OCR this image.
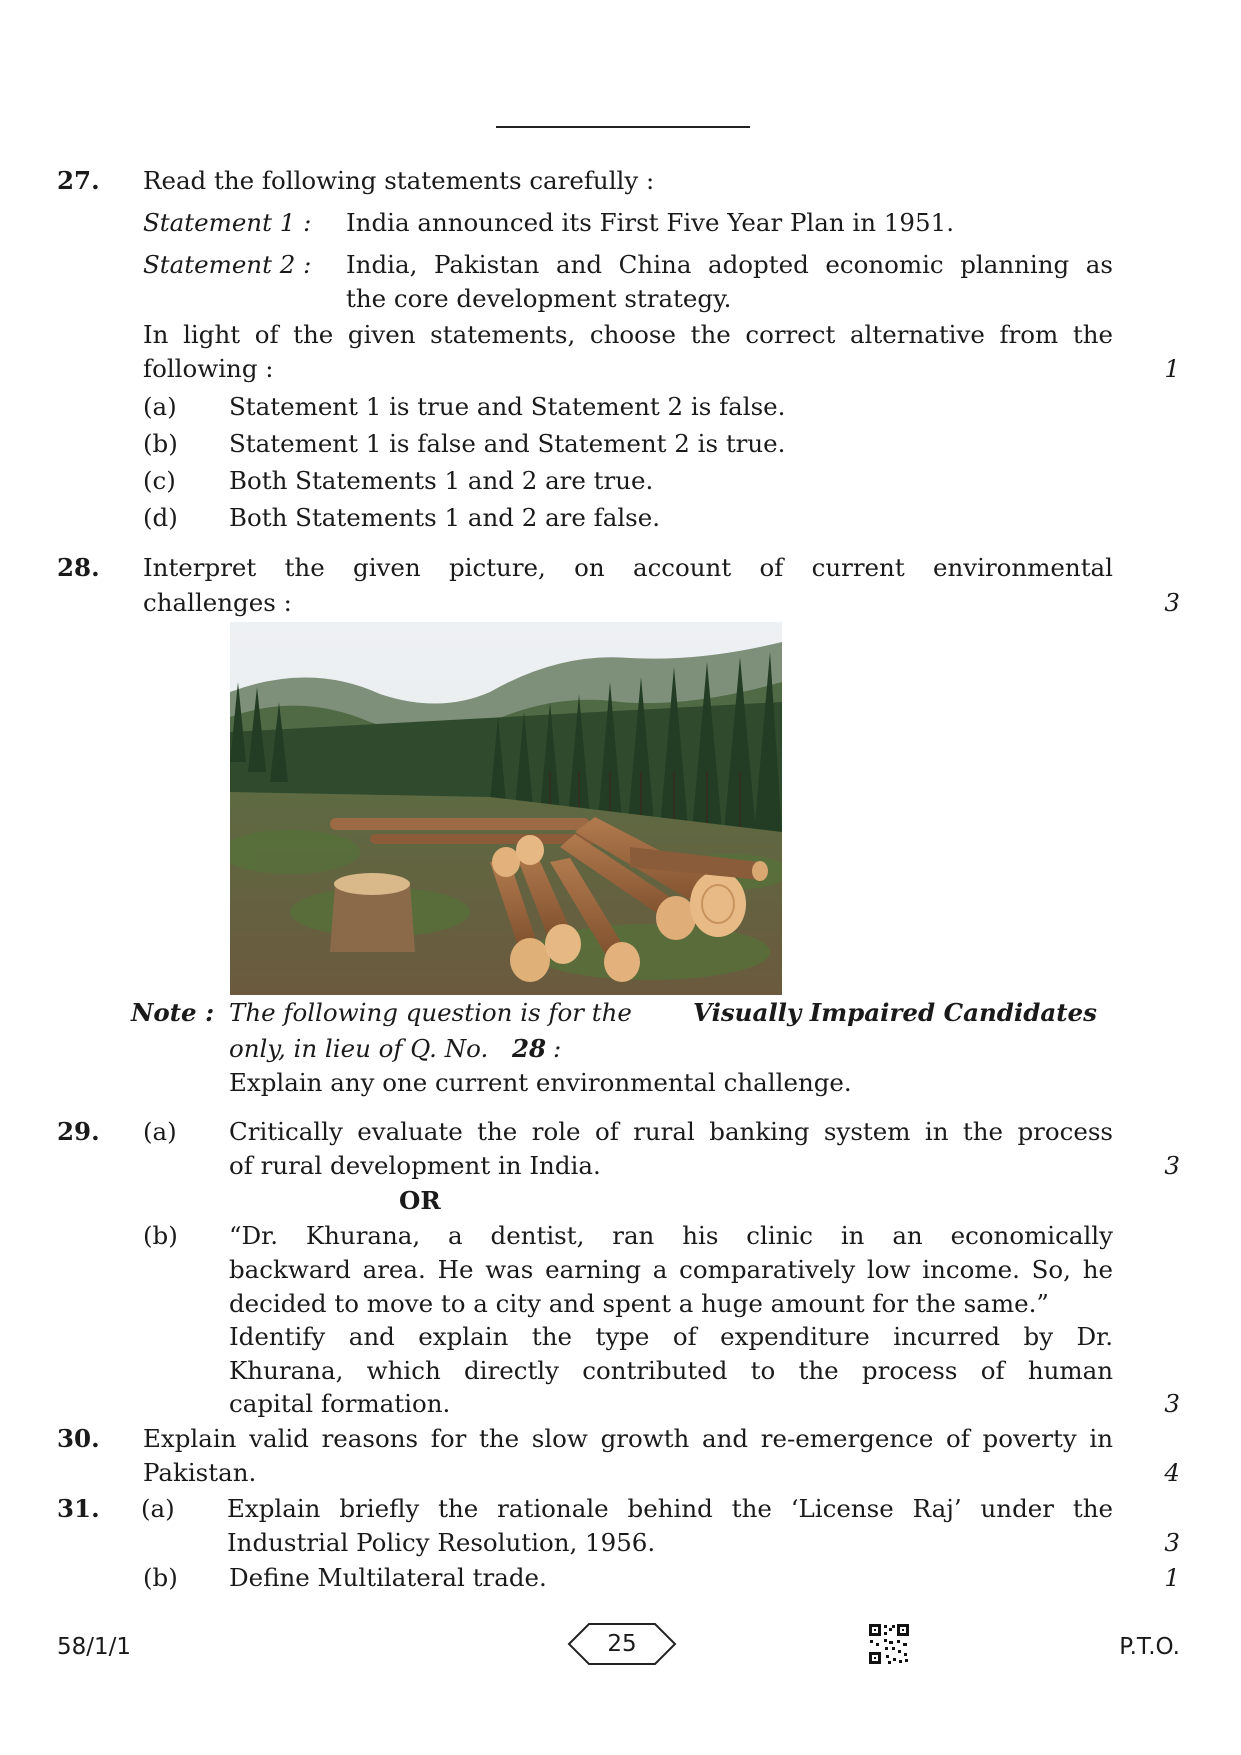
27. Read the following statements carefully :
Statement 1 : India announced its First Five Year Plan in 1951.
Statement 2 : India, Pakistan and China adopted economic planning as
the core development strategy.
In light of the given statements, choose the correct alternative from the
following :	1
(a) Statement 1 is true and Statement 2 is false.
(b) Statement 1 is false and Statement 2 is true.
(c) Both Statements 1 and 2 are true.
(d) Both Statements 1 and 2 are false.
28. Interpret the given picture, on account of current environmental
challenges :	3
Note : The following question is for the Visually Impaired Candidates
only, in lieu of Q. No. 28 :
Explain any one current environmental challenge.
29. (a) Critically evaluate the role of rural banking system in the process
of rural development in India.	3
OR
(b) “Dr. Khurana, a dentist, ran his clinic in an economically
backward area. He was earning a comparatively low income. So, he
decided to move to a city and spent a huge amount for the same.”
Identify and explain the type of expenditure incurred by Dr.
Khurana, which directly contributed to the process of human
capital formation.	3
30. Explain valid reasons for the slow growth and re-emergence of poverty in
Pakistan.	4
31. (a) Explain briefly the rationale behind the ‘License Raj’ under the
Industrial Policy Resolution, 1956.	3
(b) Define Multilateral trade.	1
58/1/1	25	P.T.O.
